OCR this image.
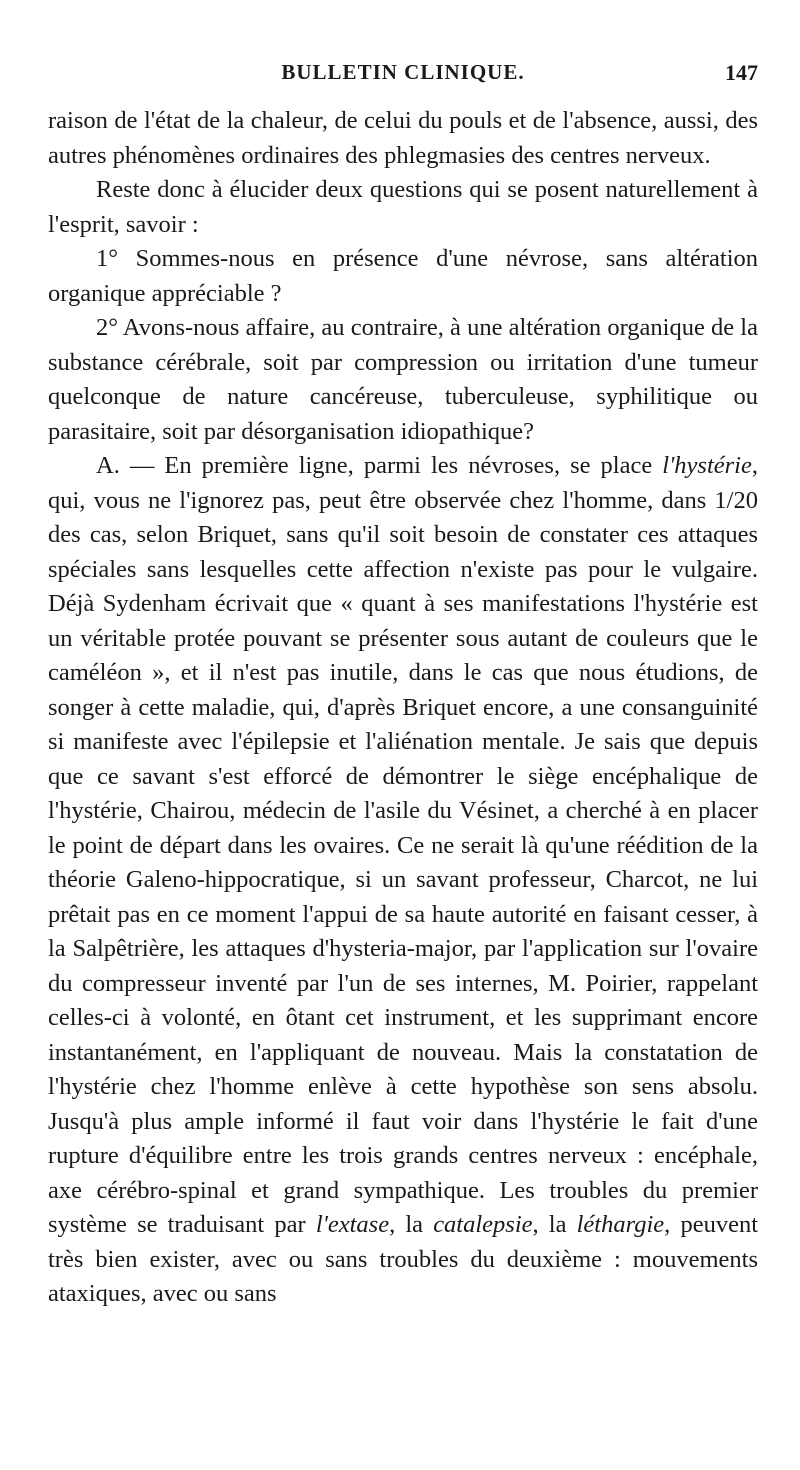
BULLETIN CLINIQUE.	147

raison de l'état de la chaleur, de celui du pouls et de l'absence, aussi, des autres phénomènes ordinaires des phlegmasies des centres nerveux.

Reste donc à élucider deux questions qui se posent naturellement à l'esprit, savoir :

1° Sommes-nous en présence d'une névrose, sans altération organique appréciable ?

2° Avons-nous affaire, au contraire, à une altération organique de la substance cérébrale, soit par compression ou irritation d'une tumeur quelconque de nature cancéreuse, tuberculeuse, syphilitique ou parasitaire, soit par désorganisation idiopathique?

A. — En première ligne, parmi les névroses, se place l'hystérie, qui, vous ne l'ignorez pas, peut être observée chez l'homme, dans 1/20 des cas, selon Briquet, sans qu'il soit besoin de constater ces attaques spéciales sans lesquelles cette affection n'existe pas pour le vulgaire. Déjà Sydenham écrivait que « quant à ses manifestations l'hystérie est un véritable protée pouvant se présenter sous autant de couleurs que le caméléon », et il n'est pas inutile, dans le cas que nous étudions, de songer à cette maladie, qui, d'après Briquet encore, a une consanguinité si manifeste avec l'épilepsie et l'aliénation mentale. Je sais que depuis que ce savant s'est efforcé de démontrer le siège encéphalique de l'hystérie, Chairou, médecin de l'asile du Vésinet, a cherché à en placer le point de départ dans les ovaires. Ce ne serait là qu'une réédition de la théorie Galeno-hippocratique, si un savant professeur, Charcot, ne lui prêtait pas en ce moment l'appui de sa haute autorité en faisant cesser, à la Salpêtrière, les attaques d'hysteria-major, par l'application sur l'ovaire du compresseur inventé par l'un de ses internes, M. Poirier, rappelant celles-ci à volonté, en ôtant cet instrument, et les supprimant encore instantanément, en l'appliquant de nouveau. Mais la constatation de l'hystérie chez l'homme enlève à cette hypothèse son sens absolu. Jusqu'à plus ample informé il faut voir dans l'hystérie le fait d'une rupture d'équilibre entre les trois grands centres nerveux : encéphale, axe cérébro-spinal et grand sympathique. Les troubles du premier système se traduisant par l'extase, la catalepsie, la léthargie, peuvent très bien exister, avec ou sans troubles du deuxième : mouvements ataxiques, avec ou sans
